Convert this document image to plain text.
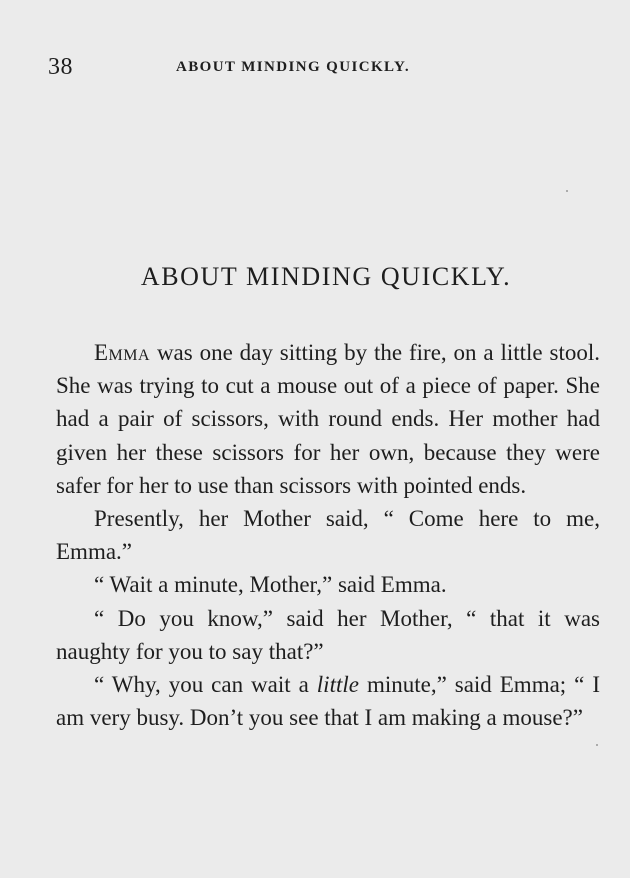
38	ABOUT MINDING QUICKLY.
ABOUT MINDING QUICKLY.

Emma was one day sitting by the fire, on a little stool. She was trying to cut a mouse out of a piece of paper. She had a pair of scissors, with round ends. Her mother had given her these scissors for her own, because they were safer for her to use than scissors with pointed ends.

Presently, her Mother said, “ Come here to me, Emma.”

“ Wait a minute, Mother,” said Emma.

“ Do you know,” said her Mother, “ that it was naughty for you to say that?”

“ Why, you can wait a little minute,” said Emma; “ I am very busy. Don’t you see that I am making a mouse?”
